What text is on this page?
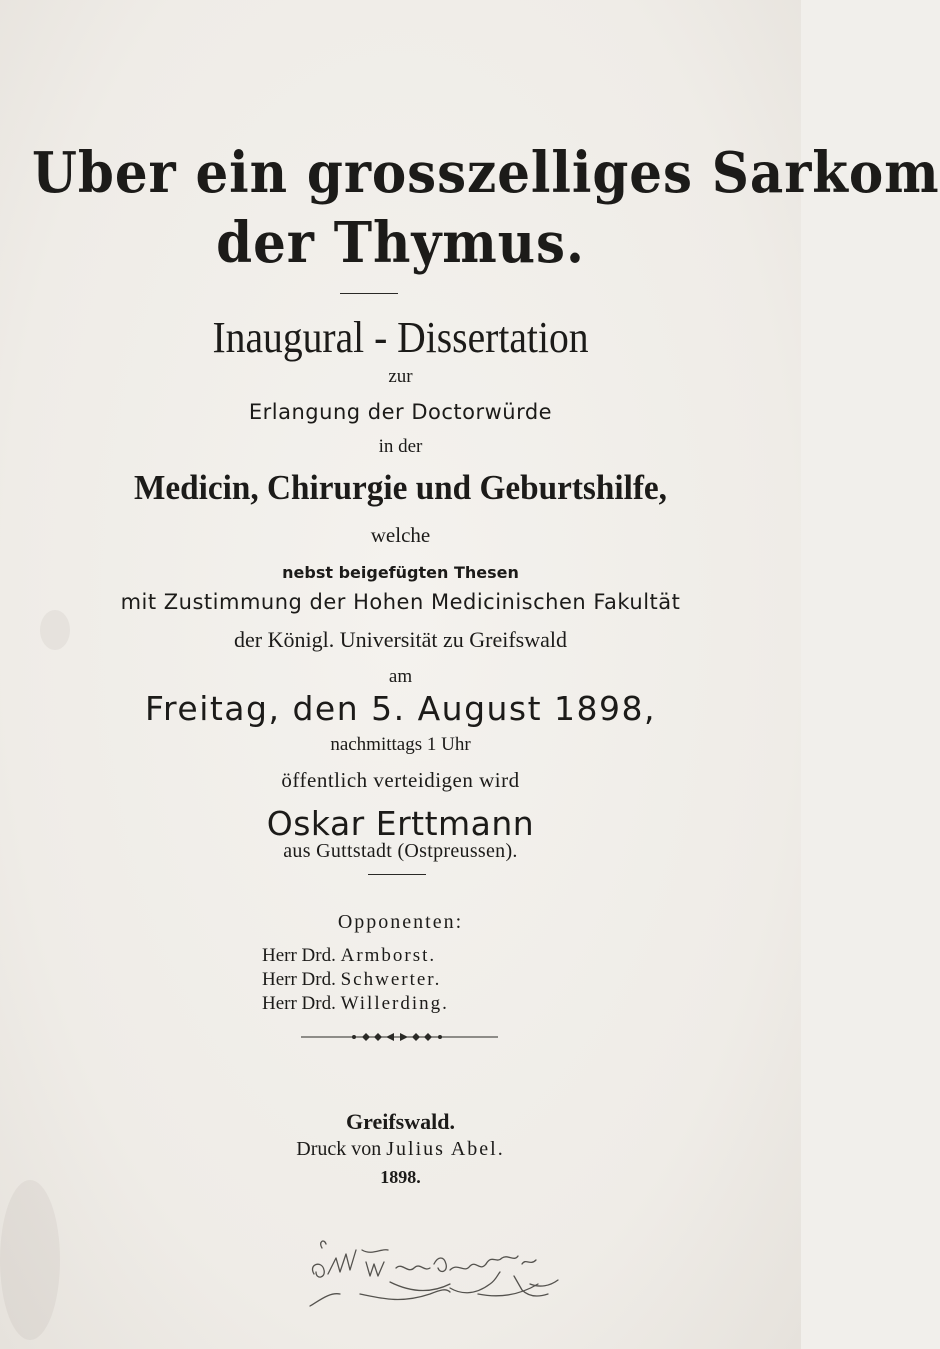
Uber ein grosszelliges Sarkom
der Thymus.
Inaugural - Dissertation
zur
Erlangung der Doctorwürde
in der
Medicin, Chirurgie und Geburtshilfe,
welche
nebst beigefügten Thesen
mit Zustimmung der Hohen Medicinischen Fakultät
der Königl. Universität zu Greifswald
am
Freitag, den 5. August 1898,
nachmittags 1 Uhr
öffentlich verteidigen wird
Oskar Erttmann
aus Guttstadt (Ostpreussen).
Opponenten:
Herr Drd. Armborst.
Herr Drd. Schwerter.
Herr Drd. Willerding.
Greifswald.
Druck von Julius Abel.
1898.
